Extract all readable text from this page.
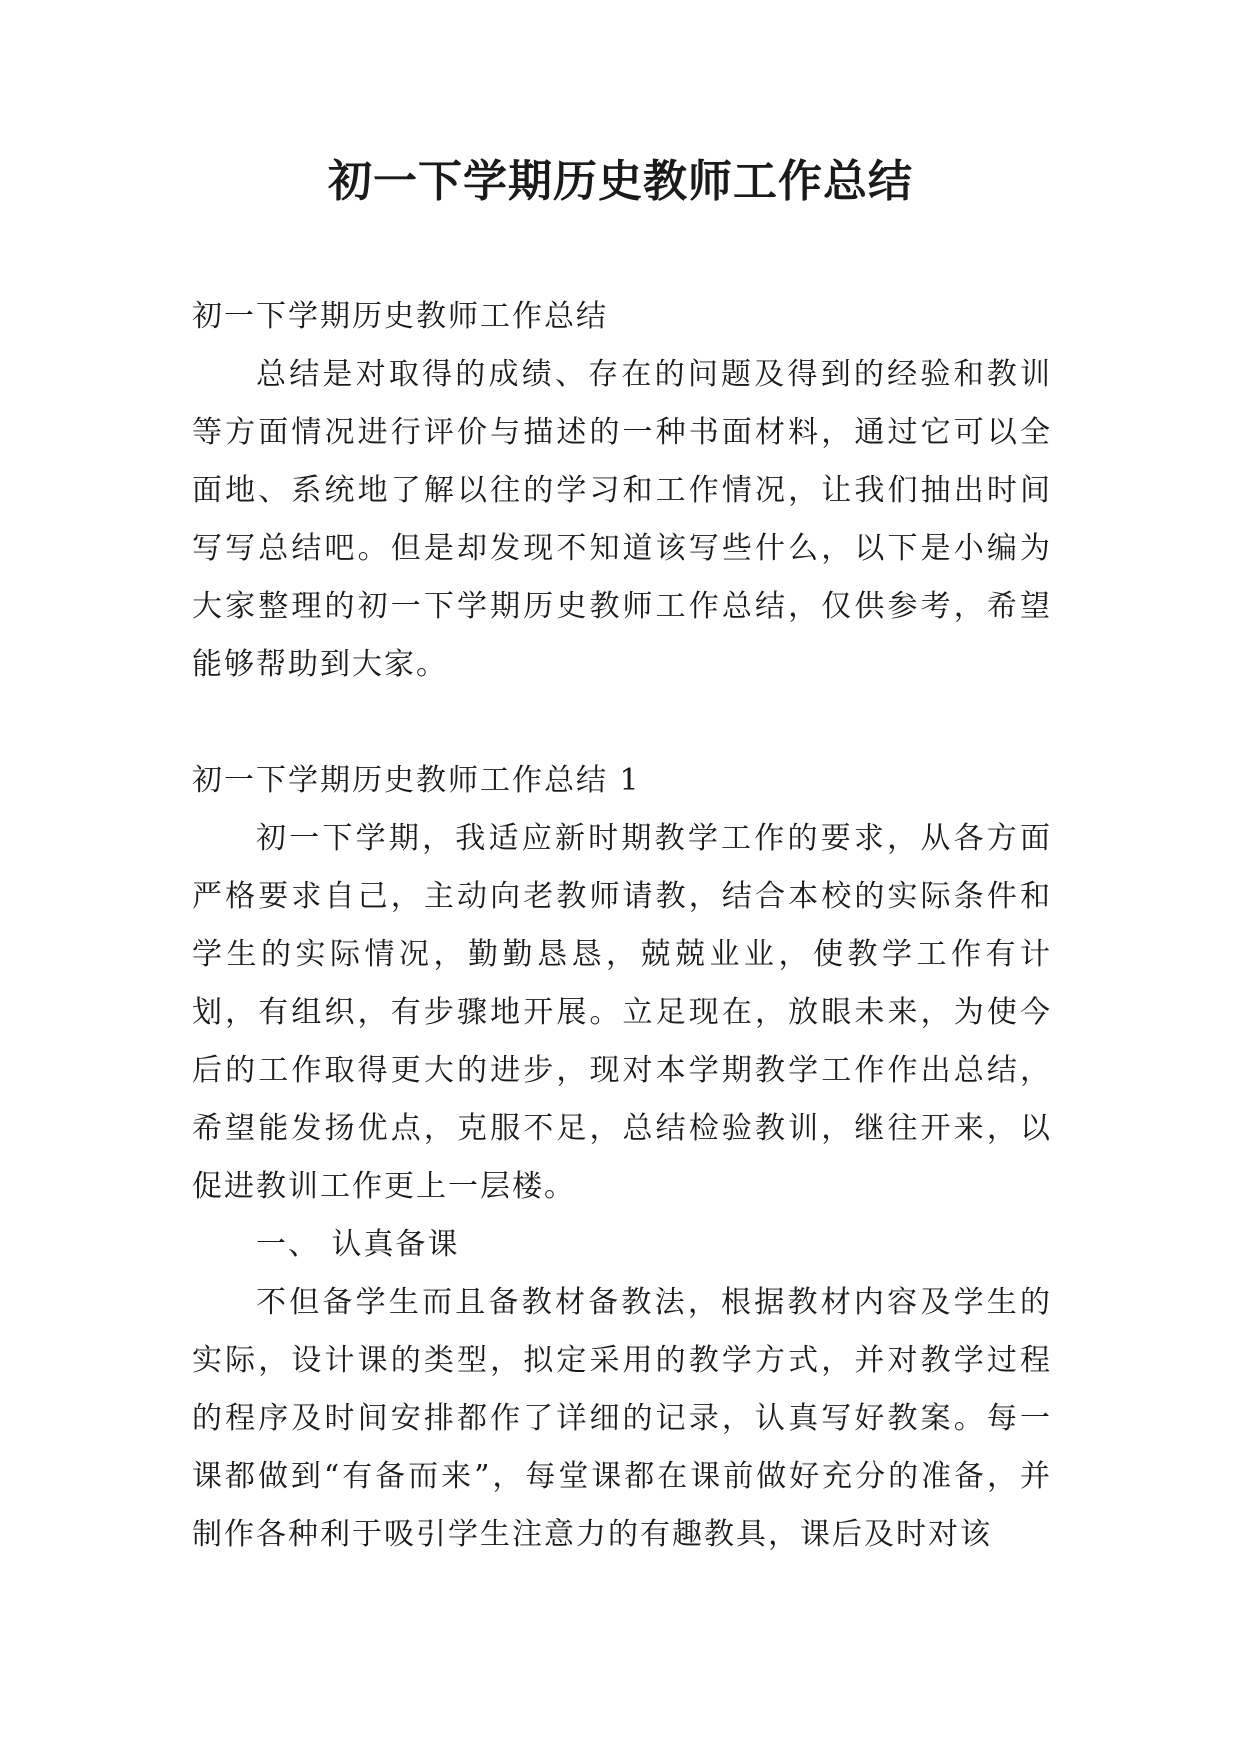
初一下学期历史教师工作总结

初一下学期历史教师工作总结

总结是对取得的成绩、存在的问题及得到的经验和教训等方面情况进行评价与描述的一种书面材料，通过它可以全面地、系统地了解以往的学习和工作情况，让我们抽出时间写写总结吧。但是却发现不知道该写些什么，以下是小编为大家整理的初一下学期历史教师工作总结，仅供参考，希望能够帮助到大家。

初一下学期历史教师工作总结 1

初一下学期，我适应新时期教学工作的要求，从各方面严格要求自己，主动向老教师请教，结合本校的实际条件和学生的实际情况，勤勤恳恳，兢兢业业，使教学工作有计划，有组织，有步骤地开展。立足现在，放眼未来，为使今后的工作取得更大的进步，现对本学期教学工作作出总结，希望能发扬优点，克服不足，总结检验教训，继往开来，以促进教训工作更上一层楼。

一、 认真备课

不但备学生而且备教材备教法，根据教材内容及学生的实际，设计课的类型，拟定采用的教学方式，并对教学过程的程序及时间安排都作了详细的记录，认真写好教案。每一课都做到“有备而来”，每堂课都在课前做好充分的准备，并制作各种利于吸引学生注意力的有趣教具，课后及时对该
